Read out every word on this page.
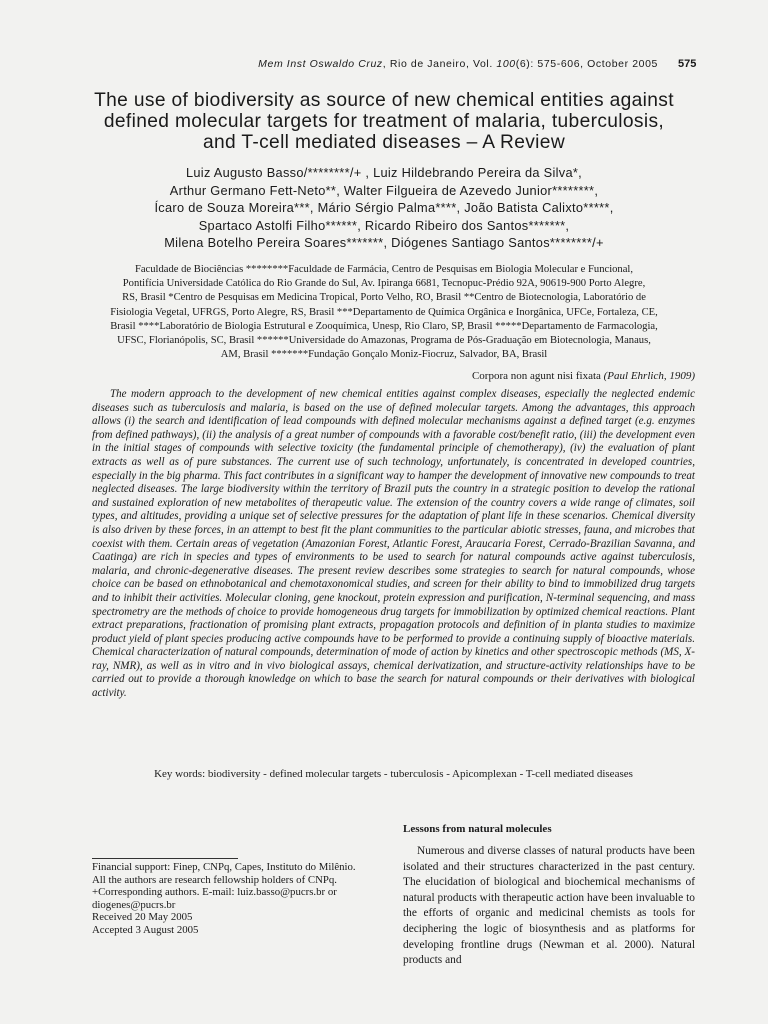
Mem Inst Oswaldo Cruz, Rio de Janeiro, Vol. 100(6): 575-606, October 2005 575
The use of biodiversity as source of new chemical entities against
defined molecular targets for treatment of malaria, tuberculosis,
and T-cell mediated diseases – A Review
Luiz Augusto Basso/********/+ , Luiz Hildebrando Pereira da Silva*,
Arthur Germano Fett-Neto**, Walter Filgueira de Azevedo Junior********,
Ícaro de Souza Moreira***, Mário Sérgio Palma****, João Batista Calixto*****,
Spartaco Astolfi Filho******, Ricardo Ribeiro dos Santos*******,
Milena Botelho Pereira Soares*******, Diógenes Santiago Santos********/+
Faculdade de Biociências ********Faculdade de Farmácia, Centro de Pesquisas em Biologia Molecular e Funcional,
Pontifícia Universidade Católica do Rio Grande do Sul, Av. Ipiranga 6681, Tecnopuc-Prédio 92A, 90619-900 Porto Alegre,
RS, Brasil *Centro de Pesquisas em Medicina Tropical, Porto Velho, RO, Brasil **Centro de Biotecnologia, Laboratório de
Fisiologia Vegetal, UFRGS, Porto Alegre, RS, Brasil ***Departamento de Química Orgânica e Inorgânica, UFCe, Fortaleza, CE,
Brasil ****Laboratório de Biologia Estrutural e Zooquímica, Unesp, Rio Claro, SP, Brasil *****Departamento de Farmacologia,
UFSC, Florianópolis, SC, Brasil ******Universidade do Amazonas, Programa de Pós-Graduação em Biotecnologia, Manaus,
AM, Brasil *******Fundação Gonçalo Moniz-Fiocruz, Salvador, BA, Brasil
Corpora non agunt nisi fixata (Paul Ehrlich, 1909)

The modern approach to the development of new chemical entities against complex diseases, especially the neglected endemic diseases such as tuberculosis and malaria, is based on the use of defined molecular targets. Among the advantages, this approach allows (i) the search and identification of lead compounds with defined molecular mechanisms against a defined target (e.g. enzymes from defined pathways), (ii) the analysis of a great number of compounds with a favorable cost/benefit ratio, (iii) the development even in the initial stages of compounds with selective toxicity (the fundamental principle of chemotherapy), (iv) the evaluation of plant extracts as well as of pure substances. The current use of such technology, unfortunately, is concentrated in developed countries, especially in the big pharma. This fact contributes in a significant way to hamper the development of innovative new compounds to treat neglected diseases. The large biodiversity within the territory of Brazil puts the country in a strategic position to develop the rational and sustained exploration of new metabolites of therapeutic value. The extension of the country covers a wide range of climates, soil types, and altitudes, providing a unique set of selective pressures for the adaptation of plant life in these scenarios. Chemical diversity is also driven by these forces, in an attempt to best fit the plant communities to the particular abiotic stresses, fauna, and microbes that coexist with them. Certain areas of vegetation (Amazonian Forest, Atlantic Forest, Araucaria Forest, Cerrado-Brazilian Savanna, and Caatinga) are rich in species and types of environments to be used to search for natural compounds active against tuberculosis, malaria, and chronic-degenerative diseases. The present review describes some strategies to search for natural compounds, whose choice can be based on ethnobotanical and chemotaxonomical studies, and screen for their ability to bind to immobilized drug targets and to inhibit their activities. Molecular cloning, gene knockout, protein expression and purification, N-terminal sequencing, and mass spectrometry are the methods of choice to provide homogeneous drug targets for immobilization by optimized chemical reactions. Plant extract preparations, fractionation of promising plant extracts, propagation protocols and definition of in planta studies to maximize product yield of plant species producing active compounds have to be performed to provide a continuing supply of bioactive materials. Chemical characterization of natural compounds, determination of mode of action by kinetics and other spectroscopic methods (MS, X-ray, NMR), as well as in vitro and in vivo biological assays, chemical derivatization, and structure-activity relationships have to be carried out to provide a thorough knowledge on which to base the search for natural compounds or their derivatives with biological activity.

Key words: biodiversity - defined molecular targets - tuberculosis - Apicomplexan - T-cell mediated diseases
Financial support: Finep, CNPq, Capes, Instituto do Milênio.
All the authors are research fellowship holders of CNPq.
+Corresponding authors. E-mail: luiz.basso@pucrs.br or
diogenes@pucrs.br
Received 20 May 2005
Accepted 3 August 2005
Lessons from natural molecules
Numerous and diverse classes of natural products have been isolated and their structures characterized in the past century. The elucidation of biological and biochemical mechanisms of natural products with therapeutic action have been invaluable to the efforts of organic and medicinal chemists as tools for deciphering the logic of biosynthesis and as platforms for developing frontline drugs (Newman et al. 2000). Natural products and
